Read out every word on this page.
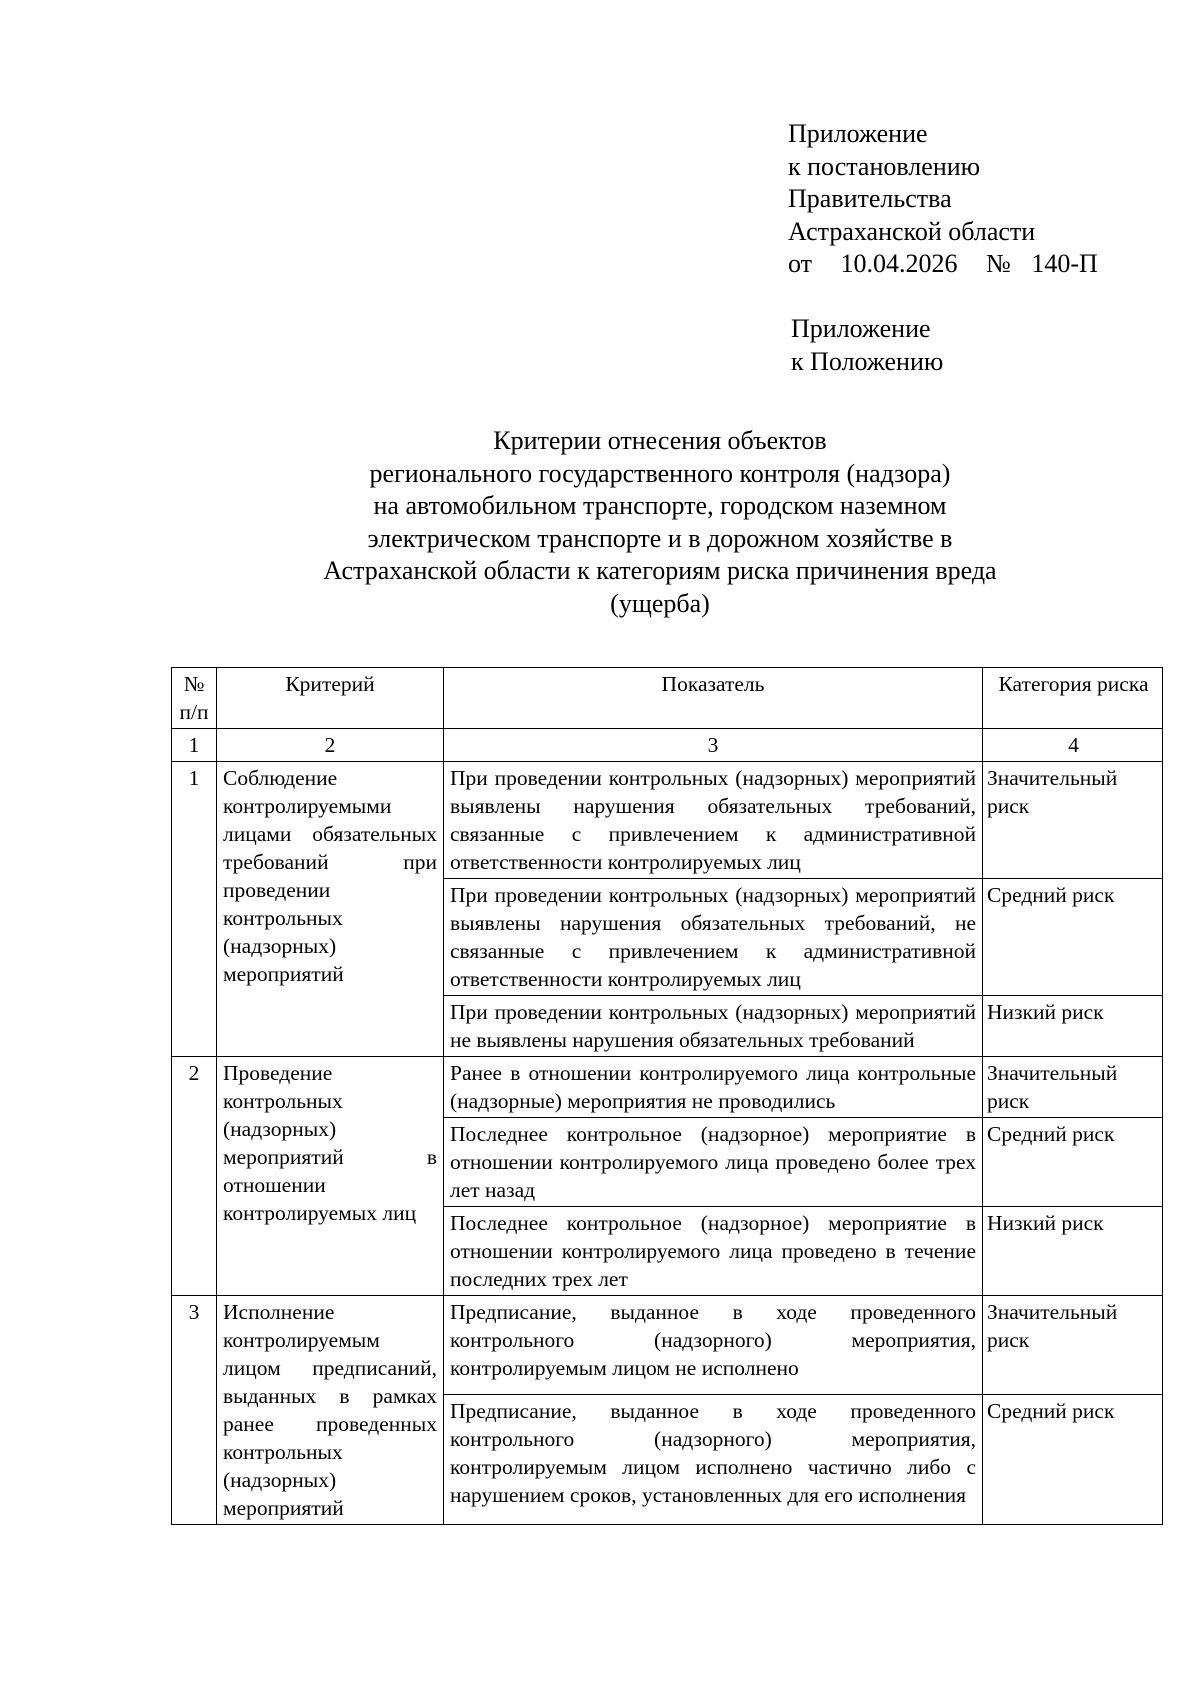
Приложение
к постановлению
Правительства
Астраханской области
от 10.04.2026 № 140-П
Приложение
к Положению
Критерии отнесения объектов
регионального государственного контроля (надзора)
на автомобильном транспорте, городском наземном
электрическом транспорте и в дорожном хозяйстве в
Астраханской области к категориям риска причинения вреда
(ущерба)
№ п/п	Критерий	Показатель	Категория риска
1	2	3	4
1	Соблюдение контролируемыми лицами обязательных требований при проведении контрольных (надзорных) мероприятий	При проведении контрольных (надзорных) мероприятий выявлены нарушения обязательных требований, связанные с привлечением к административной ответственности контролируемых лиц	Значительный риск
		При проведении контрольных (надзорных) мероприятий выявлены нарушения обязательных требований, не связанные с привлечением к административной ответственности контролируемых лиц	Средний риск
		При проведении контрольных (надзорных) мероприятий не выявлены нарушения обязательных требований	Низкий риск
2	Проведение контрольных (надзорных) мероприятий в отношении контролируемых лиц	Ранее в отношении контролируемого лица контрольные (надзорные) мероприятия не проводились	Значительный риск
		Последнее контрольное (надзорное) мероприятие в отношении контролируемого лица проведено более трех лет назад	Средний риск
		Последнее контрольное (надзорное) мероприятие в отношении контролируемого лица проведено в течение последних трех лет	Низкий риск
3	Исполнение контролируемым лицом предписаний, выданных в рамках ранее проведенных контрольных (надзорных) мероприятий	Предписание, выданное в ходе проведенного контрольного (надзорного) мероприятия, контролируемым лицом не исполнено	Значительный риск
		Предписание, выданное в ходе проведенного контрольного (надзорного) мероприятия, контролируемым лицом исполнено частично либо с нарушением сроков, установленных для его исполнения	Средний риск
